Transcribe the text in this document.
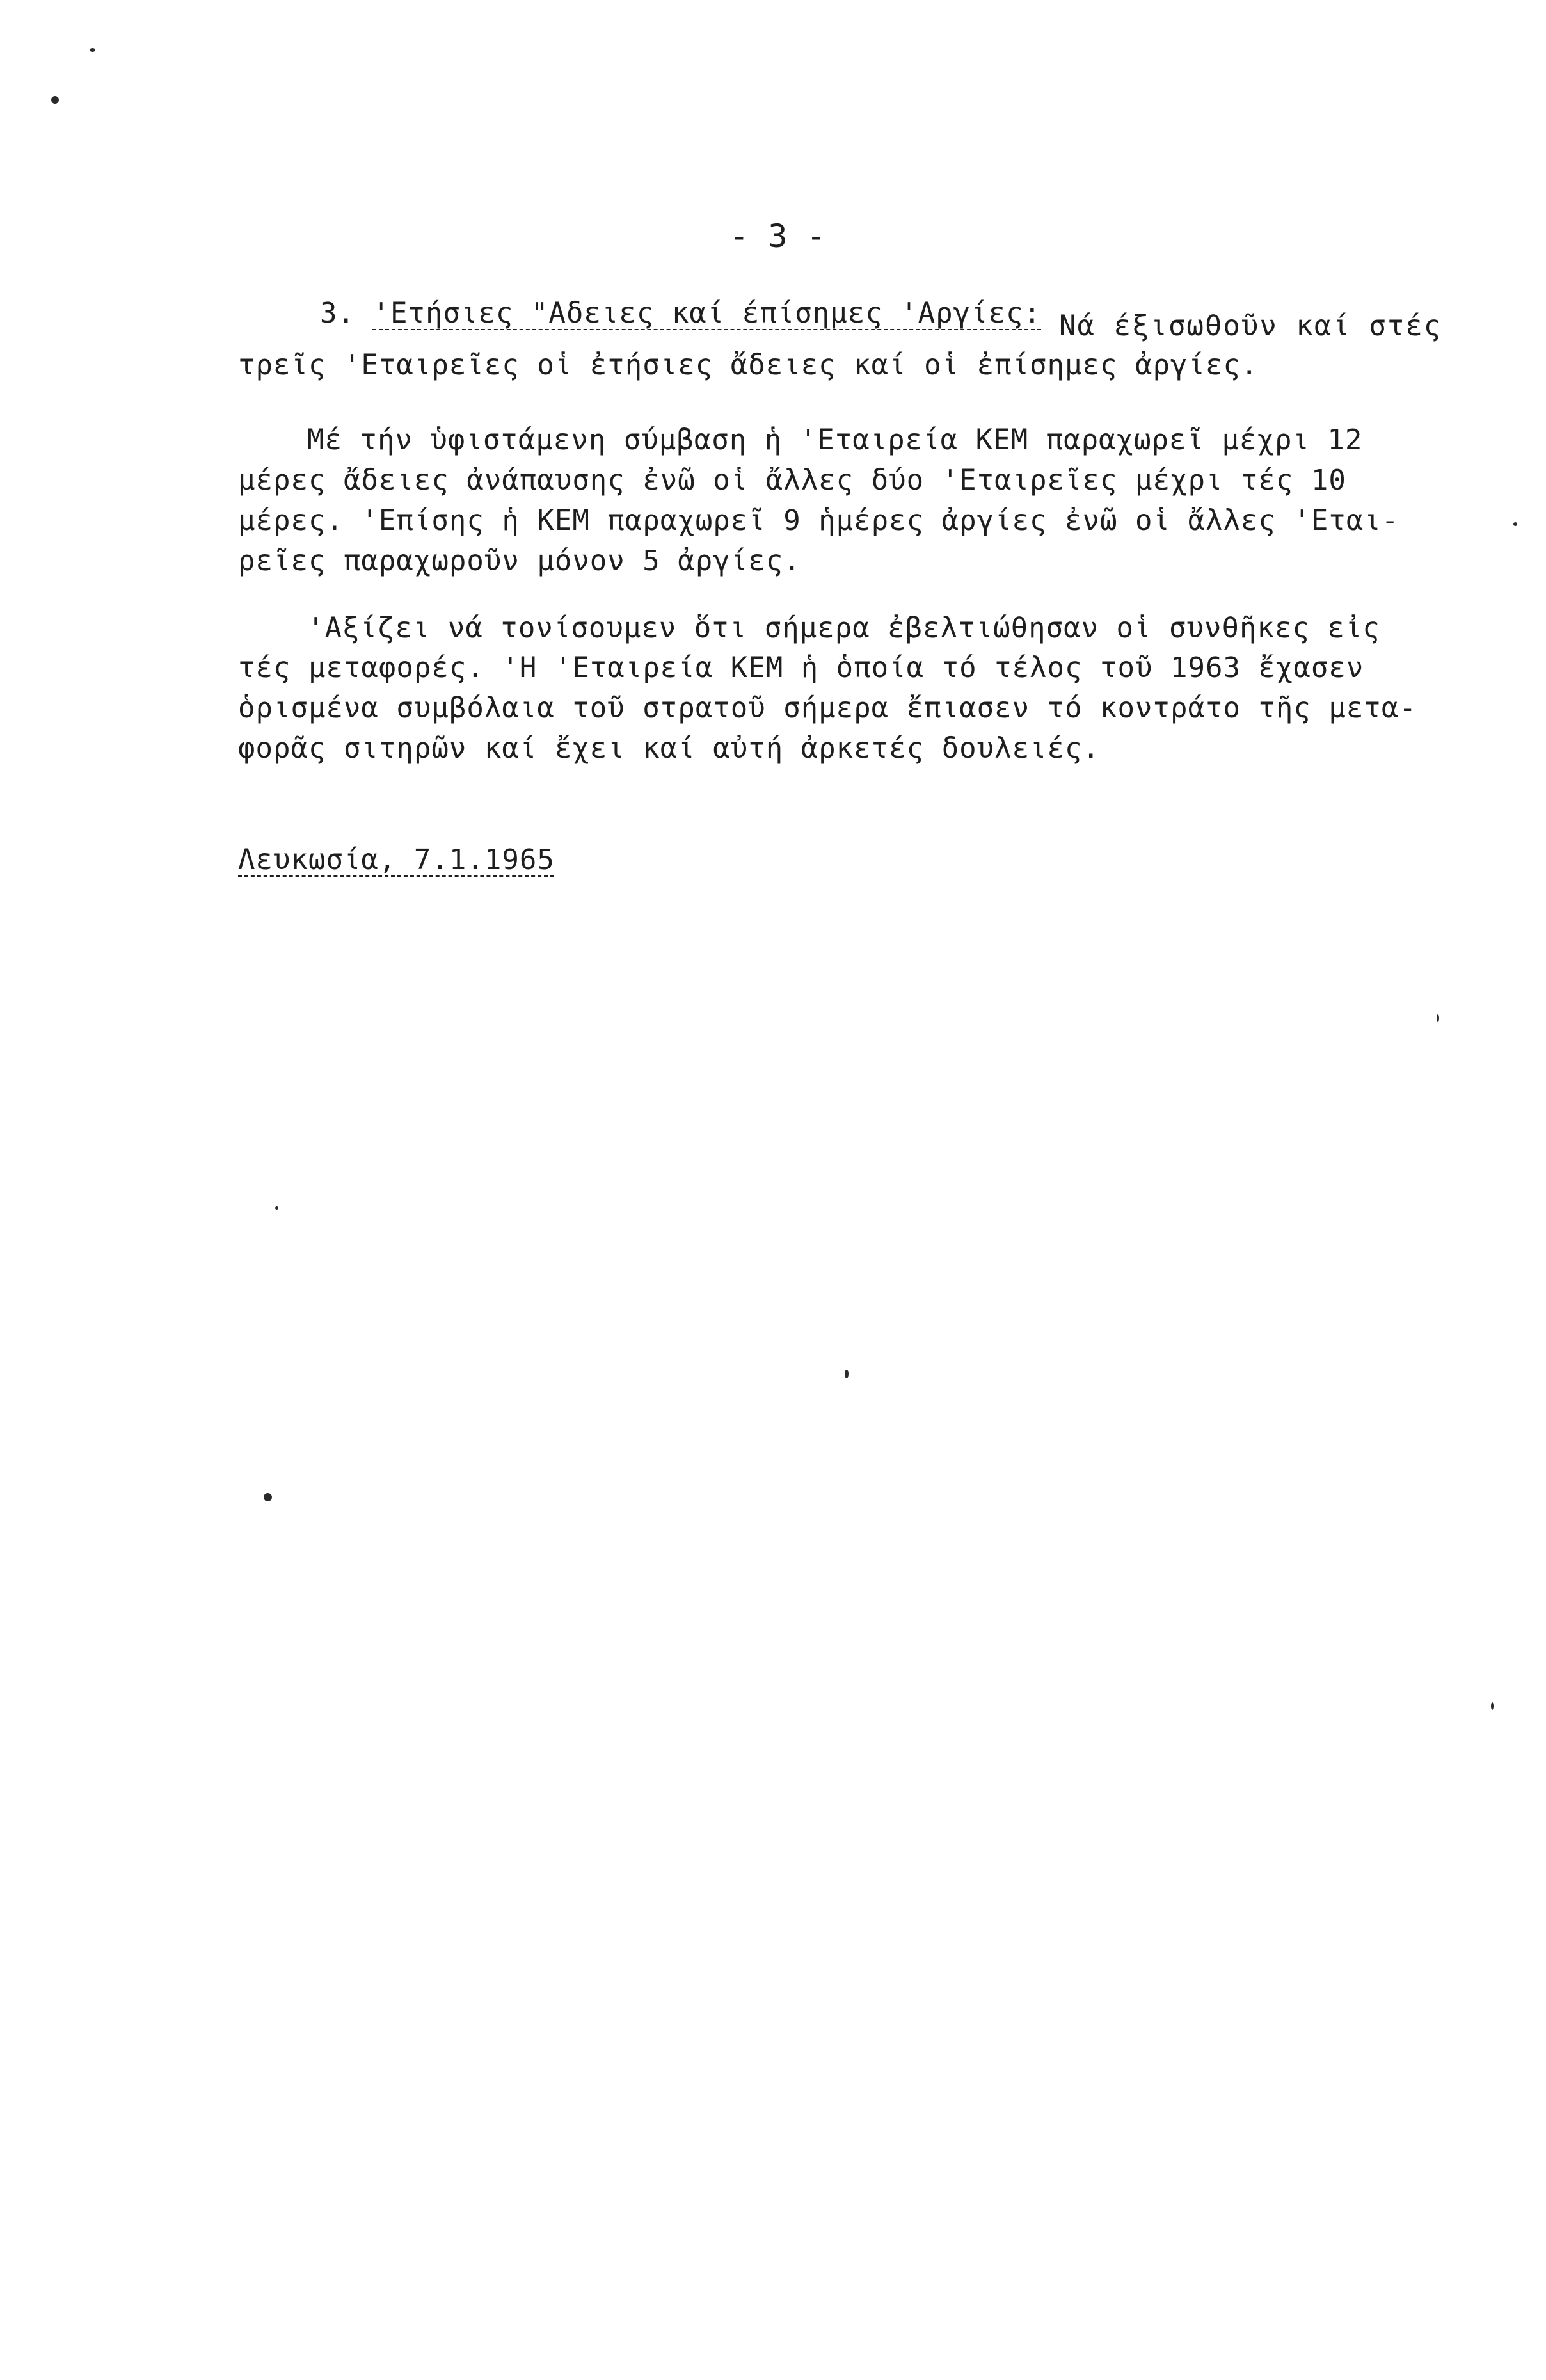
- 3 -
3. 'Ετήσιες "Αδειες καί έπίσημες 'Αργίες: Νά έξισωθοῦν καί στές
τρεῖς 'Εταιρεῖες οἱ ἐτήσιες ἄδειες καί οἱ ἐπίσημες ἀργίες.
Μέ τήν ὑφιστάμενη σύμβαση ἡ 'Εταιρεία ΚΕΜ παραχωρεῖ μέχρι 12
μέρες ἄδειες ἀνάπαυσης ἐνῶ οἱ ἄλλες δύο 'Εταιρεῖες μέχρι τές 10
μέρες. 'Επίσης ἡ ΚΕΜ παραχωρεῖ 9 ἡμέρες ἀργίες ἐνῶ οἱ ἄλλες 'Εται-
ρεῖες παραχωροῦν μόνον 5 ἀργίες.
'Αξίζει νά τονίσουμεν ὅτι σήμερα ἐβελτιώθησαν οἱ συνθῆκες εἰς
τές μεταφορές. 'Η 'Εταιρεία ΚΕΜ ἡ ὁποία τό τέλος τοῦ 1963 ἔχασεν
ὁρισμένα συμβόλαια τοῦ στρατοῦ σήμερα ἔπιασεν τό κοντράτο τῆς μετα-
φορᾶς σιτηρῶν καί ἔχει καί αὐτή ἀρκετές δουλειές.
Λευκωσία, 7.1.1965
